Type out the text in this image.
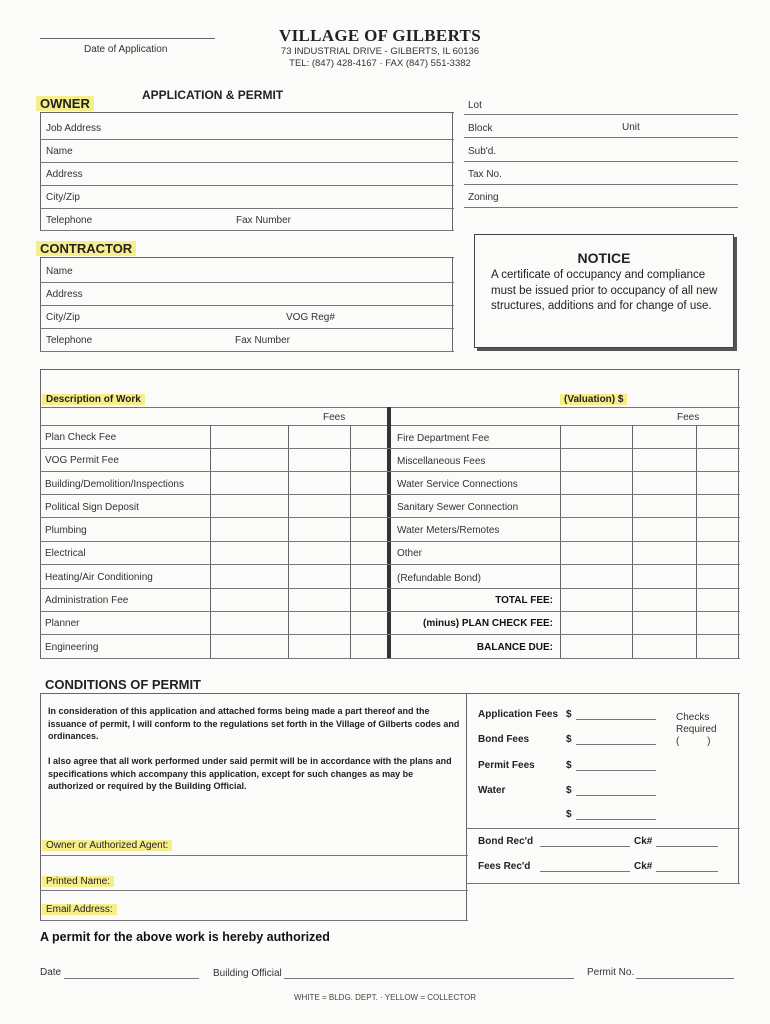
Date of Application
VILLAGE OF GILBERTS
73 INDUSTRIAL DRIVE - GILBERTS, IL 60136
TEL: (847) 428-4167 · FAX (847) 551-3382
APPLICATION & PERMIT
OWNER
Job Address
Name
Address
City/Zip
Telephone	Fax Number
Lot
Block	Unit
Sub'd.
Tax No.
Zoning
CONTRACTOR
Name
Address
City/Zip	VOG Reg#
Telephone	Fax Number
NOTICE
A certificate of occupancy and compliance must be issued prior to occupancy of all new structures, additions and for change of use.
Description of Work	(Valuation) $
Fees	Fees
Plan Check Fee	Fire Department Fee
VOG Permit Fee	Miscellaneous Fees
Building/Demolition/Inspections	Water Service Connections
Political Sign Deposit	Sanitary Sewer Connection
Plumbing	Water Meters/Remotes
Electrical	Other
Heating/Air Conditioning	(Refundable Bond)
Administration Fee	TOTAL FEE:
Planner	(minus) PLAN CHECK FEE:
Engineering	BALANCE DUE:
CONDITIONS OF PERMIT
In consideration of this application and attached forms being made a part thereof and the issuance of permit, I will conform to the regulations set forth in the Village of Gilberts codes and ordinances.
I also agree that all work performed under said permit will be in accordance with the plans and specifications which accompany this application, except for such changes as may be authorized or required by the Building Official.
Owner or Authorized Agent:
Printed Name:
Email Address:
Application Fees $
Bond Fees	$
Permit Fees	$
Water	$
$
Checks Required
(          )
Bond Rec'd	Ck#
Fees Rec'd	Ck#
A permit for the above work is hereby authorized
Date	Building Official	Permit No.
WHITE = BLDG. DEPT. · YELLOW = COLLECTOR
